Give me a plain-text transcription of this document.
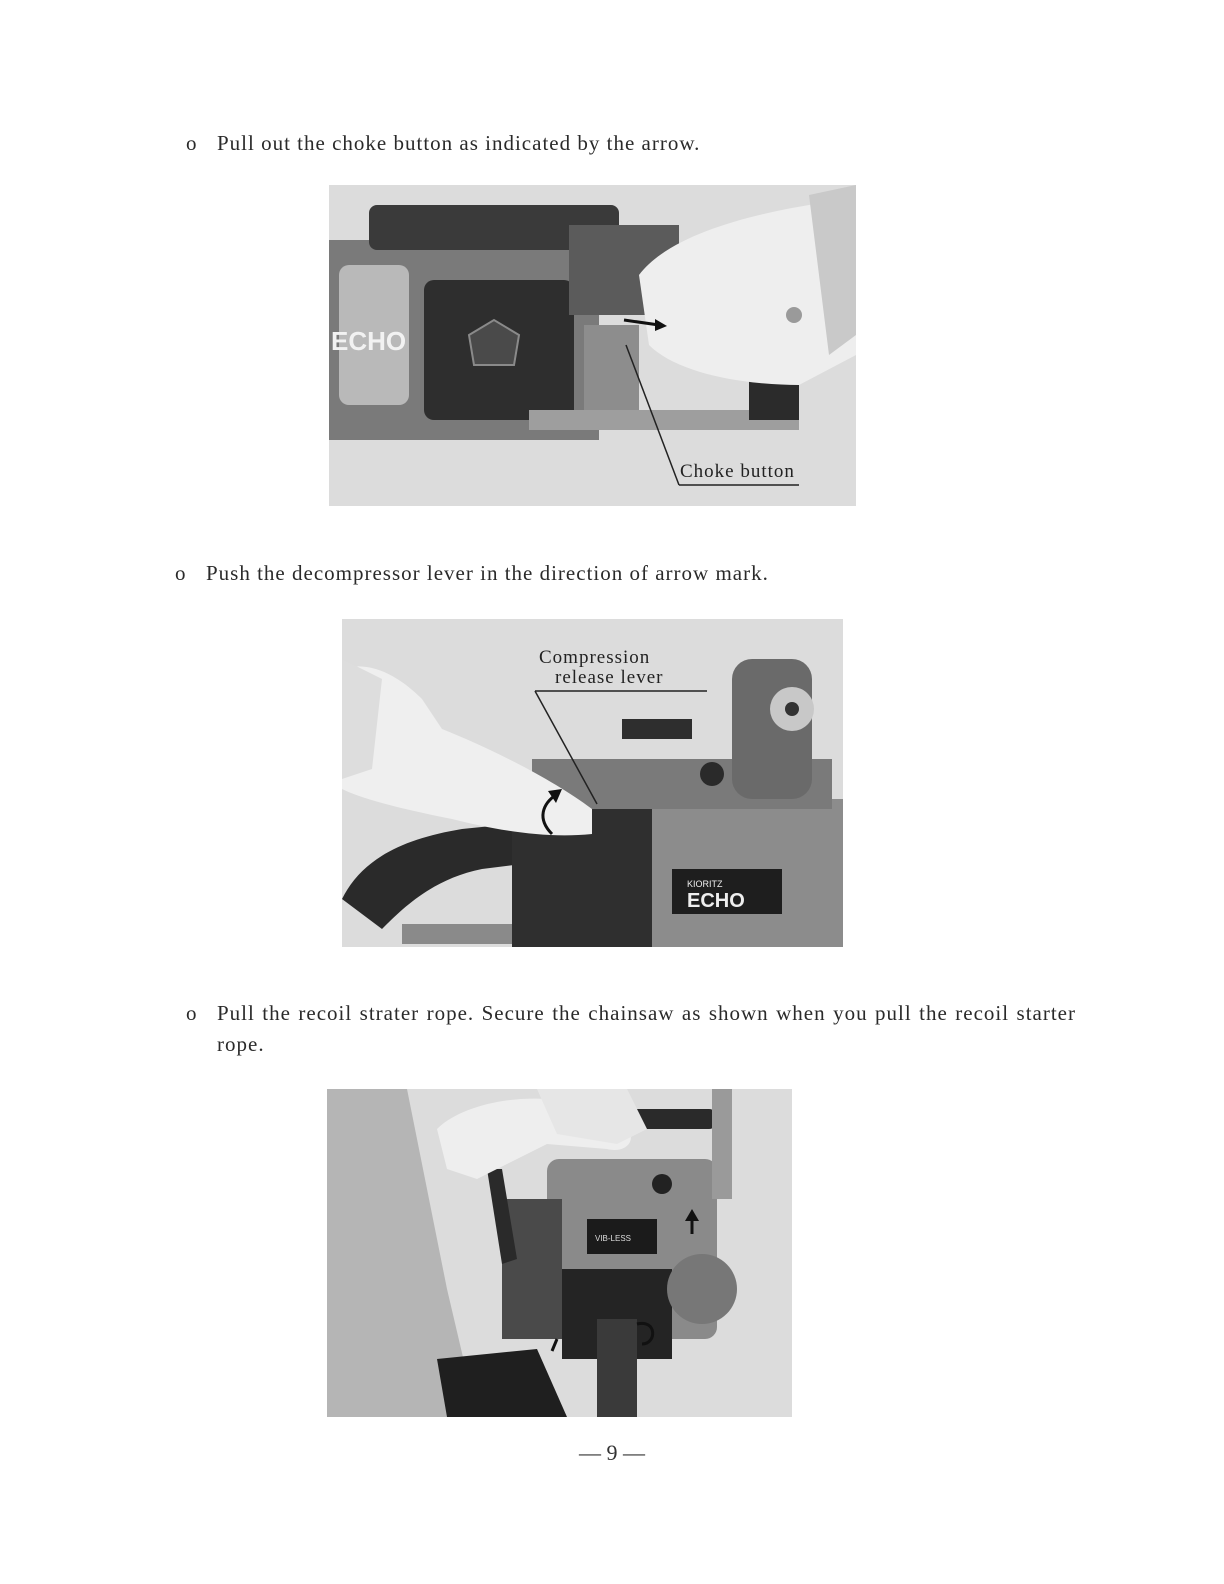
o Pull out the choke button as indicated by the arrow.
ECHO
Choke button
o Push the decompressor lever in the direction of arrow mark.
KIORITZ
ECHO
Compression
release lever
o Pull the recoil strater rope. Secure the chainsaw as shown when you pull the recoil starter rope.
VIB-LESS
— 9 —
